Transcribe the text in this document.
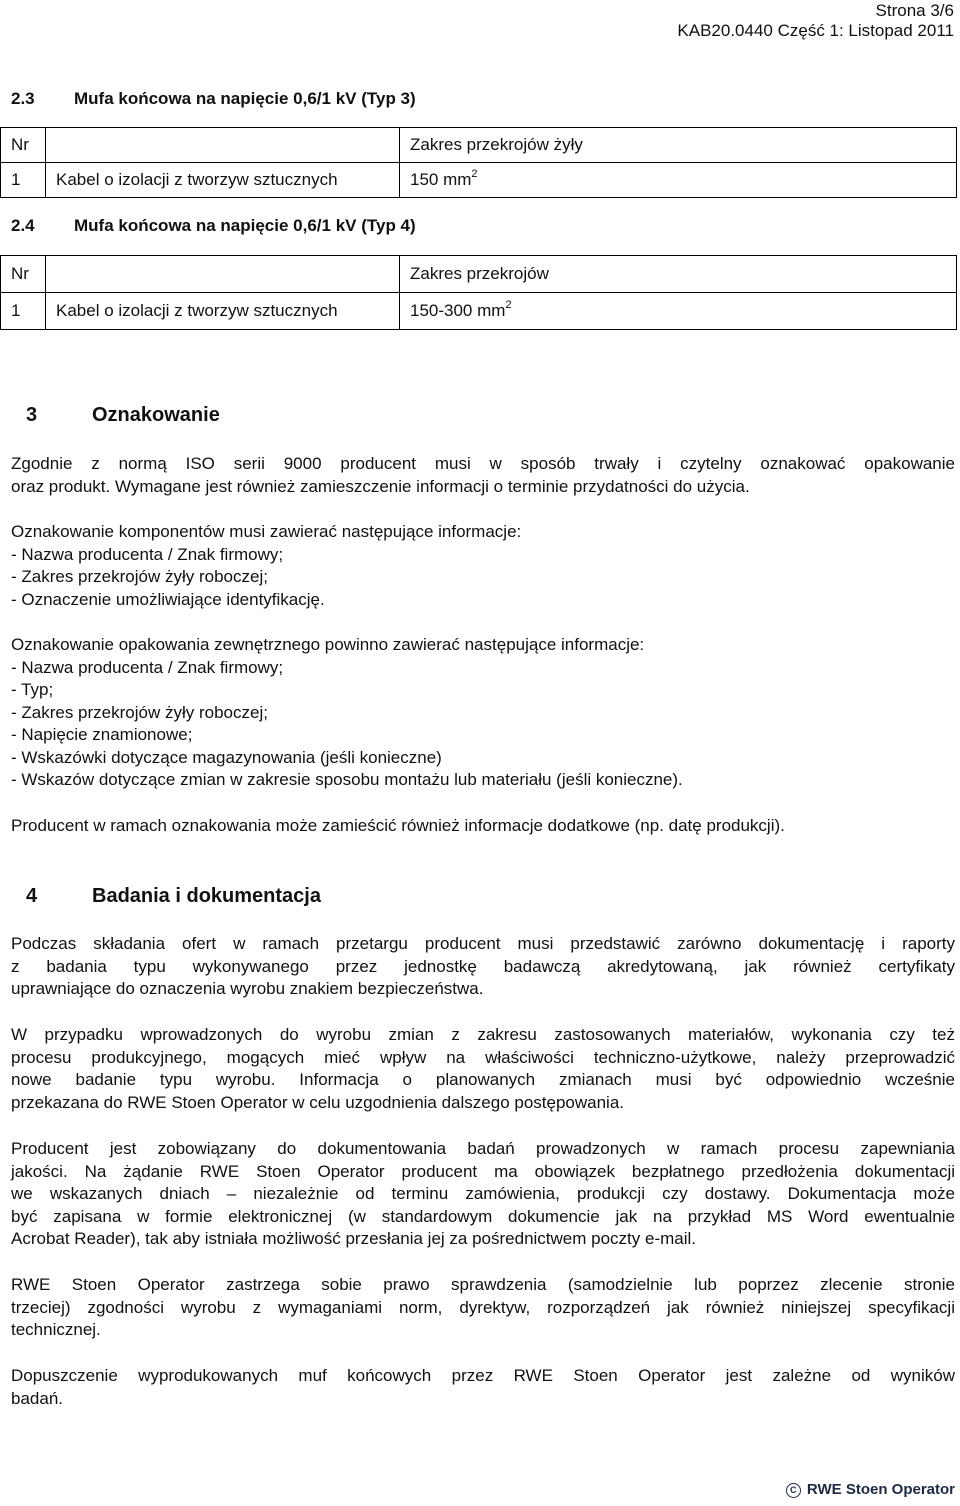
Strona 3/6
KAB20.0440 Część 1: Listopad 2011
2.3 Mufa końcowa na napięcie 0,6/1 kV (Typ 3)
Nr		Zakres przekrojów żyły
1	Kabel o izolacji z tworzyw sztucznych	150 $mm^2$
2.4 Mufa końcowa na napięcie 0,6/1 kV (Typ 4)
Nr		Zakres przekrojów
1	Kabel o izolacji z tworzyw sztucznych	150-300 $mm^2$
3	Oznakowanie
Zgodnie z normą ISO serii 9000 producent musi w sposób trwały i czytelny oznakować opakowanie
oraz produkt. Wymagane jest również zamieszczenie informacji o terminie przydatności do użycia.
Oznakowanie komponentów musi zawierać następujące informacje:
- Nazwa producenta / Znak firmowy;
- Zakres przekrojów żyły roboczej;
- Oznaczenie umożliwiające identyfikację.
Oznakowanie opakowania zewnętrznego powinno zawierać następujące informacje:
- Nazwa producenta / Znak firmowy;
- Typ;
- Zakres przekrojów żyły roboczej;
- Napięcie znamionowe;
- Wskazówki dotyczące magazynowania (jeśli konieczne)
- Wskazów dotyczące zmian w zakresie sposobu montażu lub materiału (jeśli konieczne).
Producent w ramach oznakowania może zamieścić również informacje dodatkowe (np. datę produkcji).
4	Badania i dokumentacja
Podczas składania ofert w ramach przetargu producent musi przedstawić zarówno dokumentację i raporty
z badania typu wykonywanego przez jednostkę badawczą akredytowaną, jak również certyfikaty
uprawniające do oznaczenia wyrobu znakiem bezpieczeństwa.
W przypadku wprowadzonych do wyrobu zmian z zakresu zastosowanych materiałów, wykonania czy też
procesu produkcyjnego, mogących mieć wpływ na właściwości techniczno-użytkowe, należy przeprowadzić
nowe badanie typu wyrobu. Informacja o planowanych zmianach musi być odpowiednio wcześnie
przekazana do RWE Stoen Operator w celu uzgodnienia dalszego postępowania.
Producent jest zobowiązany do dokumentowania badań prowadzonych w ramach procesu zapewniania
jakości. Na żądanie RWE Stoen Operator producent ma obowiązek bezpłatnego przedłożenia dokumentacji
we wskazanych dniach – niezależnie od terminu zamówienia, produkcji czy dostawy. Dokumentacja może
być zapisana w formie elektronicznej (w standardowym dokumencie jak na przykład MS Word ewentualnie
Acrobat Reader), tak aby istniała możliwość przesłania jej za pośrednictwem poczty e-mail.
RWE Stoen Operator zastrzega sobie prawo sprawdzenia (samodzielnie lub poprzez zlecenie stronie
trzeciej) zgodności wyrobu z wymaganiami norm, dyrektyw, rozporządzeń jak również niniejszej specyfikacji
technicznej.
Dopuszczenie wyprodukowanych muf końcowych przez RWE Stoen Operator jest zależne od wyników
badań.
C RWE Stoen Operator
